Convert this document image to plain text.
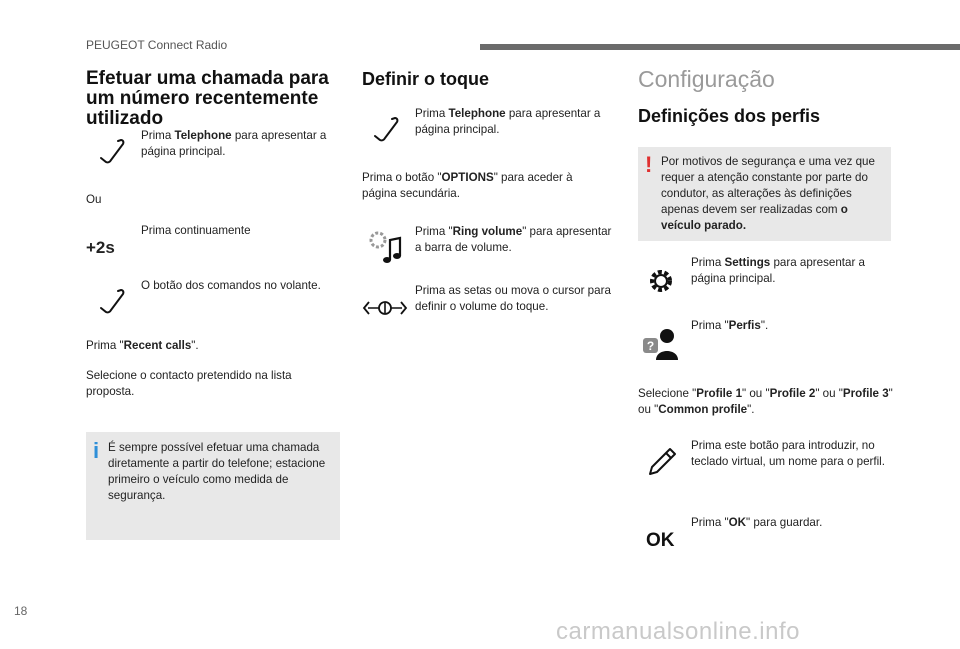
PEUGEOT Connect Radio
Efetuar uma chamada para um número recentemente utilizado
Prima Telephone para apresentar a página principal.
Ou
Prima continuamente
+2s
O botão dos comandos no volante.
Prima "Recent calls".
Selecione o contacto pretendido na lista proposta.
i É sempre possível efetuar uma chamada diretamente a partir do telefone; estacione primeiro o veículo como medida de segurança.
Definir o toque
Prima Telephone para apresentar a página principal.
Prima o botão "OPTIONS" para aceder à página secundária.
Prima "Ring volume" para apresentar a barra de volume.
Prima as setas ou mova o cursor para definir o volume do toque.
Configuração
Definições dos perfis
! Por motivos de segurança e uma vez que requer a atenção constante por parte do condutor, as alterações às definições apenas devem ser realizadas com o veículo parado.
Prima Settings para apresentar a página principal.
?
Prima "Perfis".
Selecione "Profile 1" ou "Profile 2" ou "Profile 3" ou "Common profile".
Prima este botão para introduzir, no teclado virtual, um nome para o perfil.
OK
Prima "OK" para guardar.
18
carmanualsonline.info
